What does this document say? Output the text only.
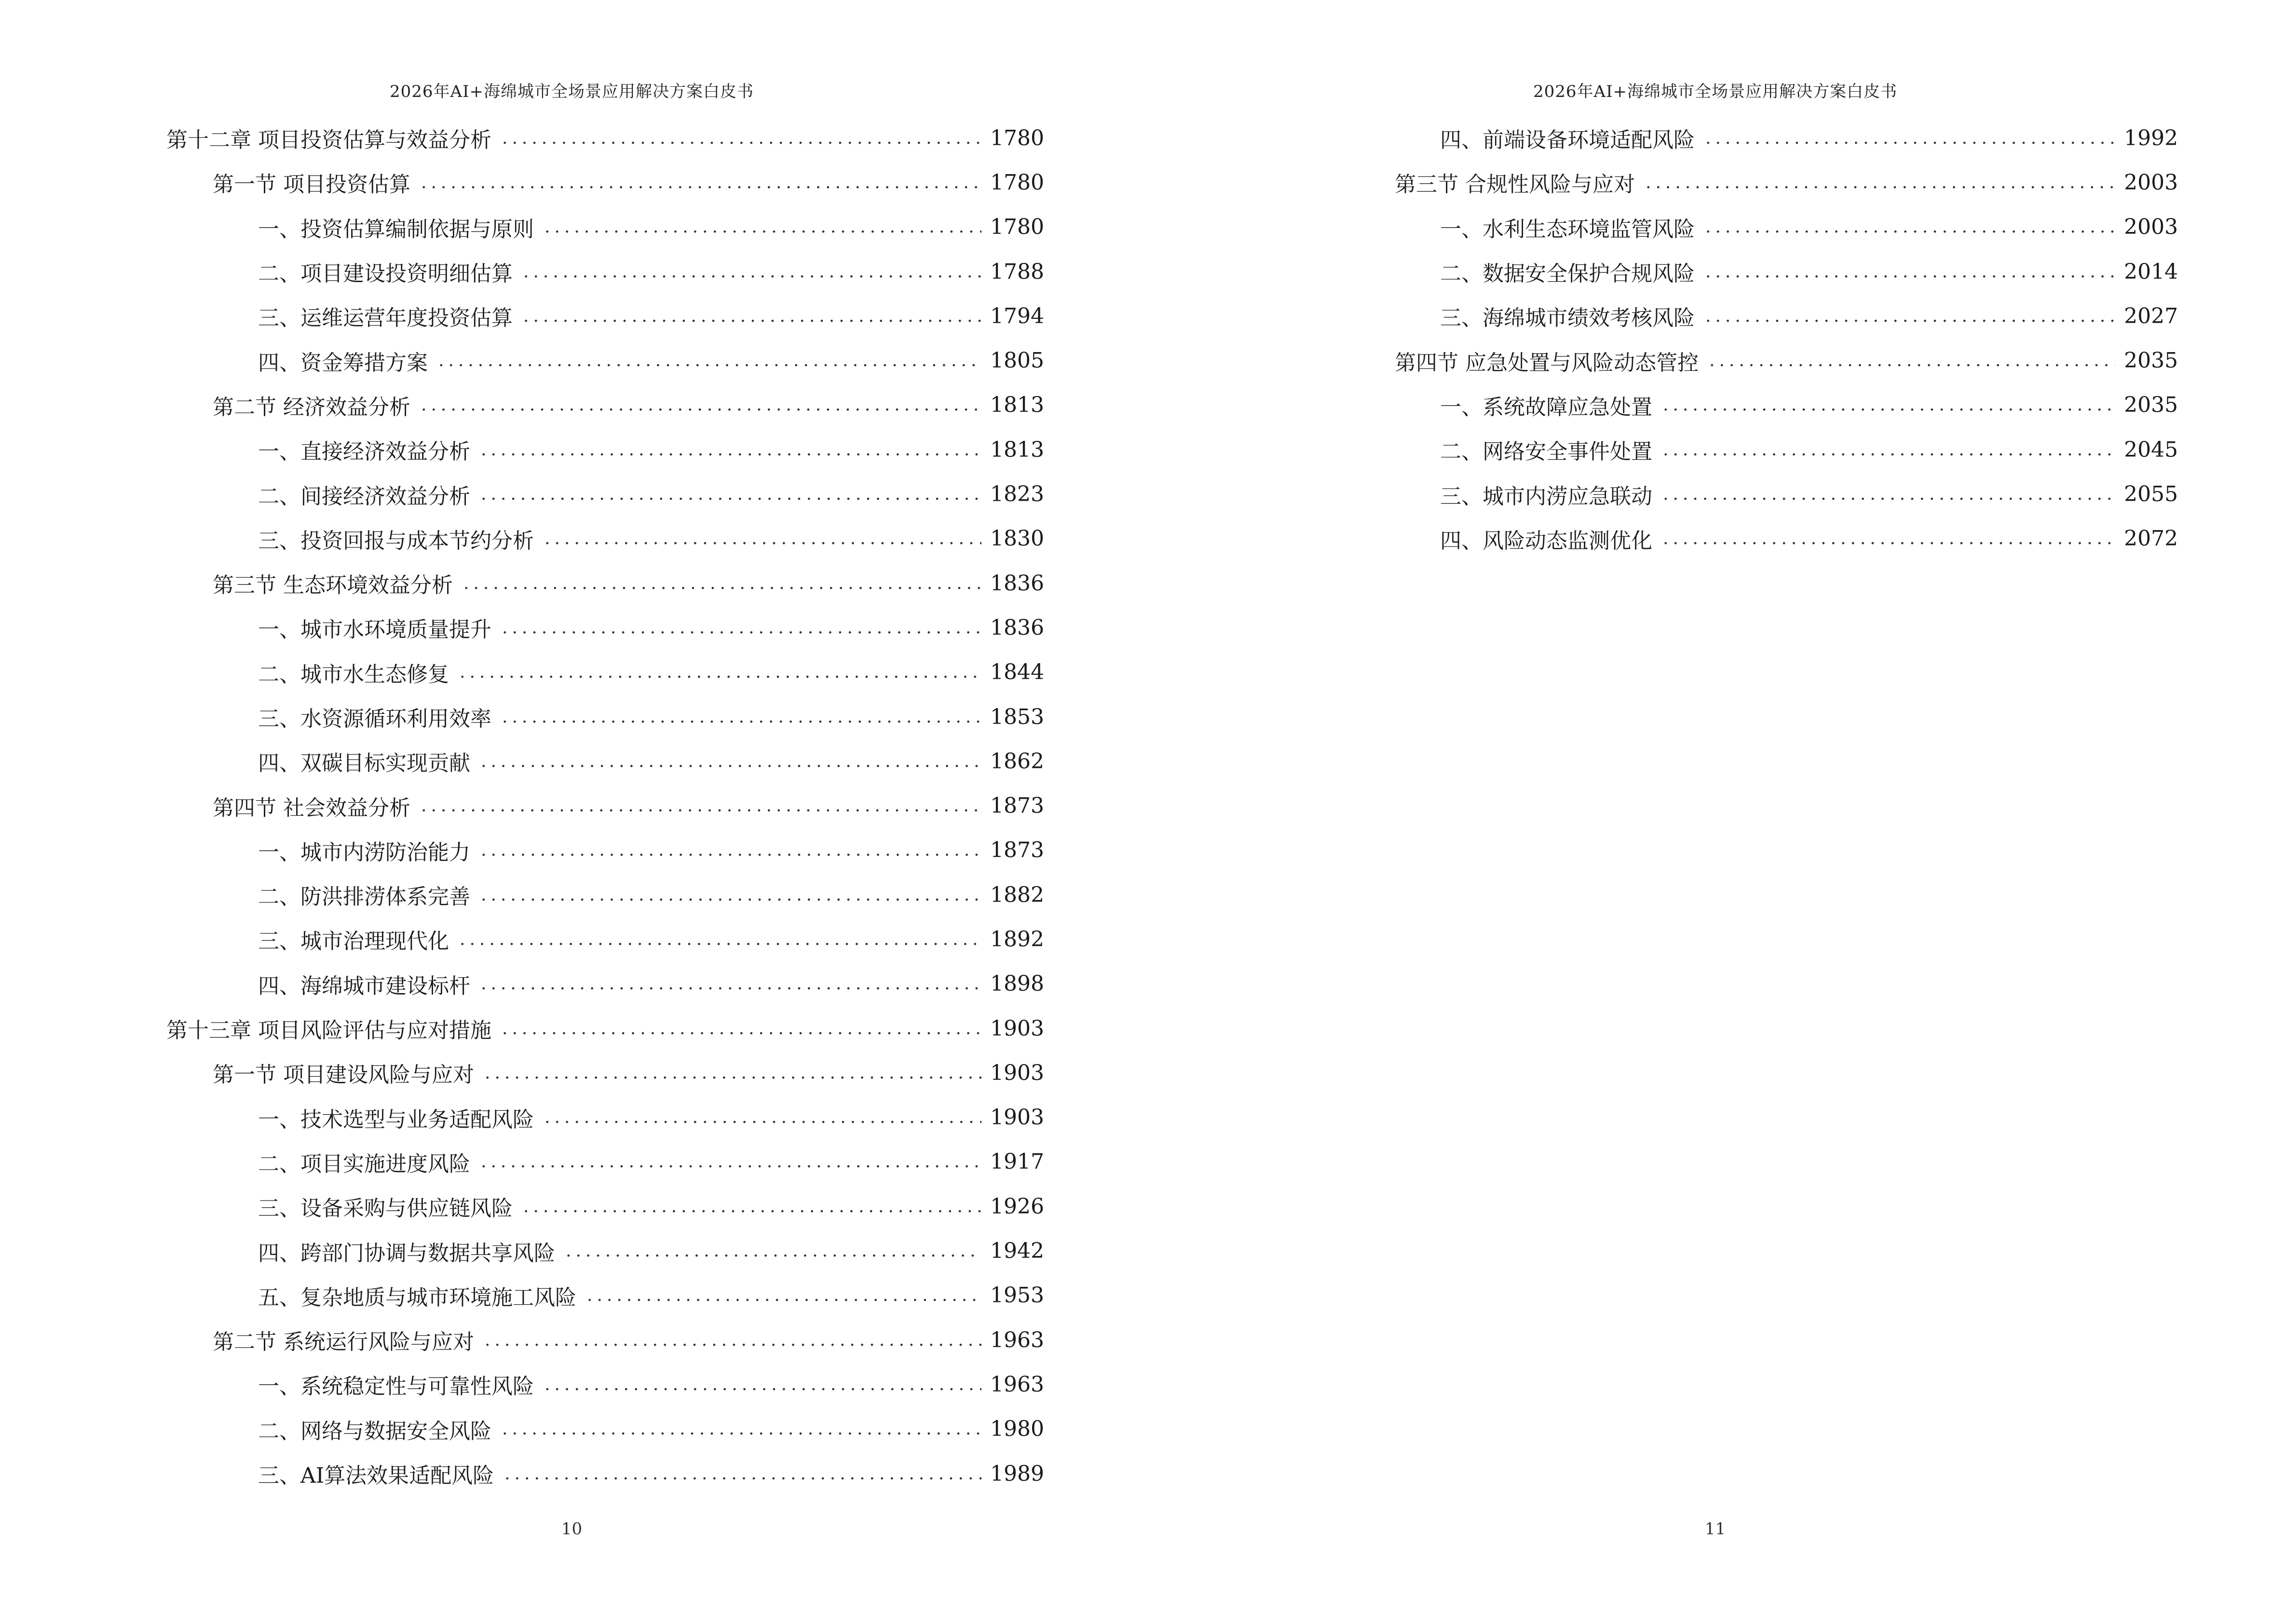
2026年AI+海绵城市全场景应用解决方案白皮书
第十二章 项目投资估算与效益分析 .....	1780
第一节 项目投资估算 .....	1780
一、投资估算编制依据与原则 .....	1780
二、项目建设投资明细估算 .....	1788
三、运维运营年度投资估算 .....	1794
四、资金筹措方案 .....	1805
第二节 经济效益分析 .....	1813
一、直接经济效益分析 .....	1813
二、间接经济效益分析 .....	1823
三、投资回报与成本节约分析 .....	1830
第三节 生态环境效益分析 .....	1836
一、城市水环境质量提升 .....	1836
二、城市水生态修复 .....	1844
三、水资源循环利用效率 .....	1853
四、双碳目标实现贡献 .....	1862
第四节 社会效益分析 .....	1873
一、城市内涝防治能力 .....	1873
二、防洪排涝体系完善 .....	1882
三、城市治理现代化 .....	1892
四、海绵城市建设标杆 .....	1898
第十三章 项目风险评估与应对措施 .....	1903
第一节 项目建设风险与应对 .....	1903
一、技术选型与业务适配风险 .....	1903
二、项目实施进度风险 .....	1917
三、设备采购与供应链风险 .....	1926
四、跨部门协调与数据共享风险 .....	1942
五、复杂地质与城市环境施工风险 .....	1953
第二节 系统运行风险与应对 .....	1963
一、系统稳定性与可靠性风险 .....	1963
二、网络与数据安全风险 .....	1980
三、AI算法效果适配风险 .....	1989
10
2026年AI+海绵城市全场景应用解决方案白皮书
四、前端设备环境适配风险 .....	1992
第三节 合规性风险与应对 .....	2003
一、水利生态环境监管风险 .....	2003
二、数据安全保护合规风险 .....	2014
三、海绵城市绩效考核风险 .....	2027
第四节 应急处置与风险动态管控 .....	2035
一、系统故障应急处置 .....	2035
二、网络安全事件处置 .....	2045
三、城市内涝应急联动 .....	2055
四、风险动态监测优化 .....	2072
11
